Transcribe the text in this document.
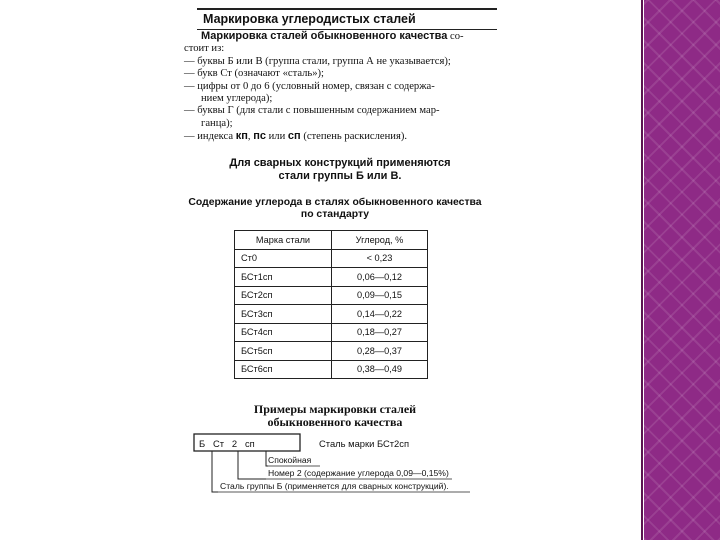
Маркировка углеродистых сталей

Маркировка сталей обыкновенного качества со-

стоит из:

— буквы Б или В (группа стали, группа А не указывается);

— букв Ст (означают «сталь»);

— цифры от 0 до 6 (условный номер, связан с содержа-

нием углерода);

— буквы Г (для стали с повышенным содержанием мар-

ганца);

— индекса кп, пс или сп (степень раскисления).

Для сварных конструкций применяются
стали группы Б или В.
Содержание углерода в сталях обыкновенного качества
по стандарту
Марка стали	Углерод, %
Ст0	< 0,23
БСт1сп	0,06—0,12
БСт2сп	0,09—0,15
БСт3сп	0,14—0,22
БСт4сп	0,18—0,27
БСт5сп	0,28—0,37
БСт6сп	0,38—0,49
Примеры маркировки сталей
обыкновенного качества
Б Ст 2 сп	Сталь марки БСт2сп
Спокойная
Номер 2 (содержание углерода 0,09—0,15%)
Сталь группы Б (применяется для сварных конструкций).
